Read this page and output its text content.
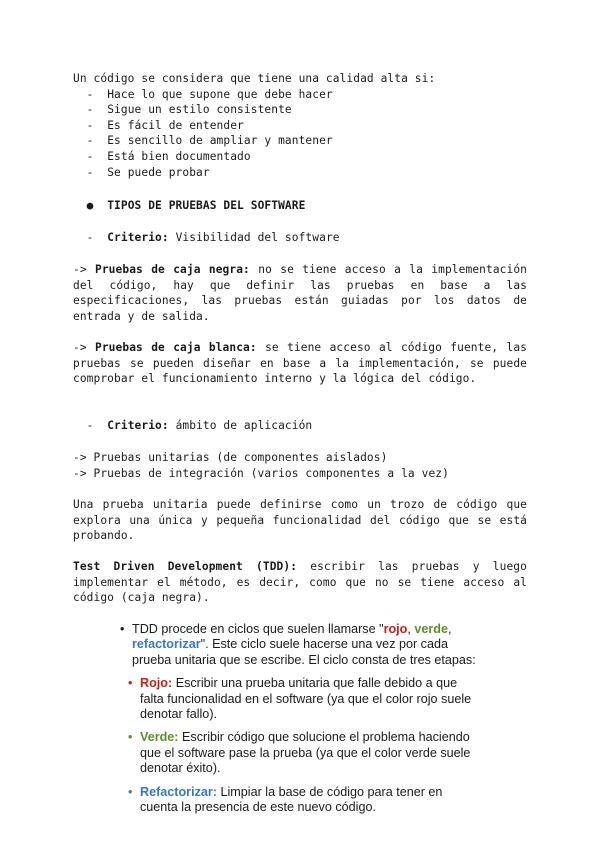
Un código se considera que tiene una calidad alta si:
-  Hace lo que supone que debe hacer
-  Sigue un estilo consistente
-  Es fácil de entender
-  Es sencillo de ampliar y mantener
-  Está bien documentado
-  Se puede probar
● TIPOS DE PRUEBAS DEL SOFTWARE
-  Criterio: Visibilidad del software
-> Pruebas de caja negra: no se tiene acceso a la implementación del código, hay que definir las pruebas en base a las especificaciones, las pruebas están guiadas por los datos de entrada y de salida.
-> Pruebas de caja blanca: se tiene acceso al código fuente, las pruebas se pueden diseñar en base a la implementación, se puede comprobar el funcionamiento interno y la lógica del código.
-  Criterio: ámbito de aplicación
-> Pruebas unitarias (de componentes aislados)
-> Pruebas de integración (varios componentes a la vez)
Una prueba unitaria puede definirse como un trozo de código que explora una única y pequeña funcionalidad del código que se está probando.
Test Driven Development (TDD): escribir las pruebas y luego implementar el método, es decir, como que no se tiene acceso al código (caja negra).
• TDD procede en ciclos que suelen llamarse "rojo, verde, refactorizar". Este ciclo suele hacerse una vez por cada prueba unitaria que se escribe. El ciclo consta de tres etapas:
• Rojo: Escribir una prueba unitaria que falle debido a que falta funcionalidad en el software (ya que el color rojo suele denotar fallo).
• Verde: Escribir código que solucione el problema haciendo que el software pase la prueba (ya que el color verde suele denotar éxito).
• Refactorizar: Limpiar la base de código para tener en cuenta la presencia de este nuevo código.
